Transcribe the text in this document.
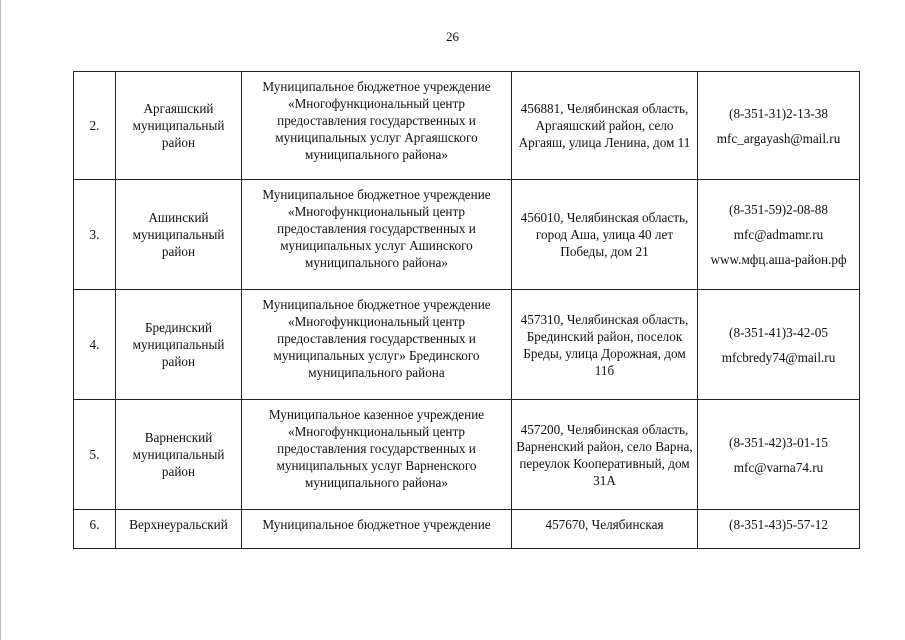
26
2.	Аргаяшский муниципальный район	Муниципальное бюджетное учреждение «Многофункциональный центр предоставления государственных и муниципальных услуг Аргаяшского муниципального района»	456881, Челябинская область, Аргаяшский район, село Аргаяш, улица Ленина, дом 11	(8-351-31)2-13-38
mfc_argayash@mail.ru

3.	Ашинский муниципальный район	Муниципальное бюджетное учреждение «Многофункциональный центр предоставления государственных и муниципальных услуг Ашинского муниципального района»	456010, Челябинская область, город Аша, улица 40 лет Победы, дом 21	(8-351-59)2-08-88
mfc@admamr.ru
www.мфц.аша-район.рф

4.	Брединский муниципальный район	Муниципальное бюджетное учреждение «Многофункциональный центр предоставления государственных и муниципальных услуг» Брединского муниципального района	457310, Челябинская область, Брединский район, поселок Бреды, улица Дорожная, дом 11б	(8-351-41)3-42-05
mfcbredy74@mail.ru

5.	Варненский муниципальный район	Муниципальное казенное учреждение «Многофункциональный центр предоставления государственных и муниципальных услуг Варненского муниципального района»	457200, Челябинская область, Варненский район, село Варна, переулок Кооперативный, дом 31А	(8-351-42)3-01-15
mfc@varna74.ru

6.	Верхнеуральский	Муниципальное бюджетное учреждение	457670, Челябинская	(8-351-43)5-57-12
